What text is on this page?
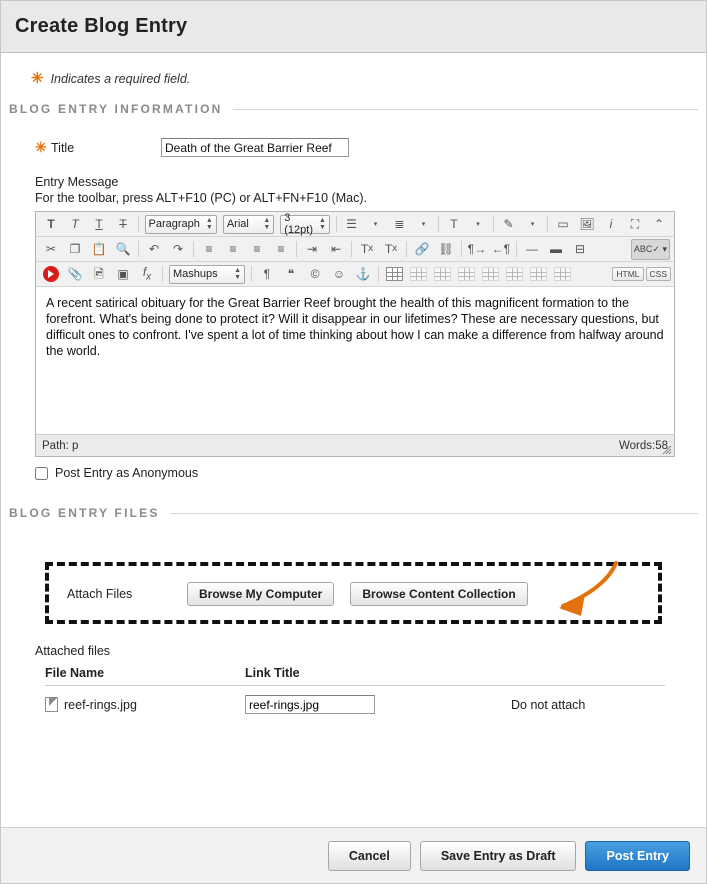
Create Blog Entry
✳ Indicates a required field.
BLOG ENTRY INFORMATION
✳ Title
Death of the Great Barrier Reef
Entry Message
For the toolbar, press ALT+F10 (PC) or ALT+FN+F10 (Mac).
T T T T Paragraph ▲
▼ Arial ▲
▼
3 (12pt)
▲
▼	☰	▾	≣	▾	T	▾	✎	▾	▭ 🖼 i	⛶	⌃
✂	❐ 📋 🔍	↶	↷	≡	≡	≡	≡	⇥	⇤	T x T x 🔗 ⛓ ¶→ ←¶	—	▬	⊟	ABC✓ ▾
📎 🖻	▣	$f_x$ Mashups ▲
▼	¶	❝	©	☺ ⚓	HTML	CSS
A recent satirical obituary for the Great Barrier Reef brought the health of this magnificent formation to the forefront. What's being done to protect it? Will it disappear in our lifetimes? These are necessary questions, but difficult ones to confront. I've spent a lot of time thinking about how I can make a difference from halfway around the world.
Path: p	Words:58
Post Entry as Anonymous
BLOG ENTRY FILES
Attach Files	Browse My Computer	Browse Content Collection
Attached files
File Name	Link Title	

reef-rings.jpg
	reef-rings.jpg	Do not attach
Cancel	Save Entry as Draft	Post Entry
